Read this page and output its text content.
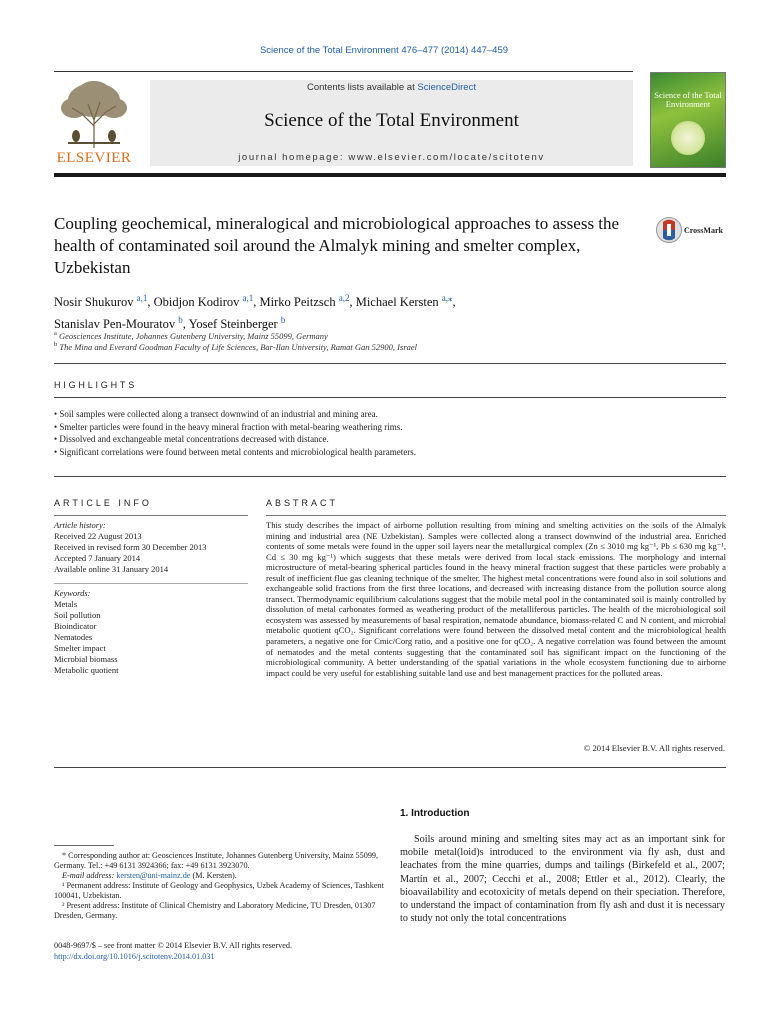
Science of the Total Environment 476–477 (2014) 447–459
ELSEVIER
Contents lists available at ScienceDirect
Science of the Total Environment
journal homepage: www.elsevier.com/locate/scitotenv
Science of the Total Environment
Coupling geochemical, mineralogical and microbiological approaches to assess the health of contaminated soil around the Almalyk mining and smelter complex, Uzbekistan
CrossMark
Nosir Shukurov $^{a,1}$, Obidjon Kodirov $^{a,1}$, Mirko Peitzsch $^{a,2}$, Michael Kersten $^{a,⁎}$,
Stanislav Pen-Mouratov $^b$, Yosef Steinberger $^b$
$^a$ Geosciences Institute, Johannes Gutenberg University, Mainz 55099, Germany
$^b$ The Mina and Everard Goodman Faculty of Life Sciences, Bar-Ilan University, Ramat Gan 52900, Israel
HIGHLIGHTS
• Soil samples were collected along a transect downwind of an industrial and mining area.
• Smelter particles were found in the heavy mineral fraction with metal-bearing weathering rims.
• Dissolved and exchangeable metal concentrations decreased with distance.
• Significant correlations were found between metal contents and microbiological health parameters.
ARTICLE INFO	ABSTRACT
Article history:
Received 22 August 2013
Received in revised form 30 December 2013
Accepted 7 January 2014
Available online 31 January 2014
Keywords:
Metals
Soil pollution
Bioindicator
Nematodes
Smelter impact
Microbial biomass
Metabolic quotient

This study describes the impact of airborne pollution resulting from mining and smelting activities on the soils of the Almalyk mining and industrial area (NE Uzbekistan). Samples were collected along a transect downwind of the industrial area. Enriched contents of some metals were found in the upper soil layers near the metallurgical complex (Zn ≤ 3010 mg kg⁻¹, Pb ≤ 630 mg kg⁻¹, Cd ≤ 30 mg kg⁻¹) which suggests that these metals were derived from local stack emissions. The morphology and internal microstructure of metal-bearing spherical particles found in the heavy mineral fraction suggest that these particles were probably a result of inefficient flue gas cleaning technique of the smelter. The highest metal concentrations were found also in soil solutions and exchangeable solid fractions from the first three locations, and decreased with increasing distance from the pollution source along transect. Thermodynamic equilibrium calculations suggest that the mobile metal pool in the contaminated soil is mainly controlled by dissolution of metal carbonates formed as weathering product of the metalliferous particles. The health of the microbiological soil ecosystem was assessed by measurements of basal respiration, nematode abundance, biomass-related C and N content, and microbial metabolic quotient qCO₂. Significant correlations were found between the dissolved metal content and the microbiological health parameters, a negative one for Cmic/Corg ratio, and a positive one for qCO₂. A negative correlation was found between the amount of nematodes and the metal contents suggesting that the contaminated soil has significant impact on the functioning of the microbiological community. A better understanding of the spatial variations in the whole ecosystem functioning due to airborne impact could be very useful for establishing suitable land use and best management practices for the polluted areas.

© 2014 Elsevier B.V. All rights reserved.

* Corresponding author at: Geosciences Institute, Johannes Gutenberg University, Mainz 55099, Germany. Tel.: +49 6131 3924366; fax: +49 6131 3923070.

E-mail address: kersten@uni-mainz.de (M. Kersten).

¹ Permanent address: Institute of Geology and Geophysics, Uzbek Academy of Sciences, Tashkent 100041, Uzbekistan.

² Present address: Institute of Clinical Chemistry and Laboratory Medicine, TU Dresden, 01307 Dresden, Germany.

0048-9697/$ – see front matter © 2014 Elsevier B.V. All rights reserved.
http://dx.doi.org/10.1016/j.scitotenv.2014.01.031
1. Introduction

Soils around mining and smelting sites may act as an important sink for mobile metal(loid)s introduced to the environment via fly ash, dust and leachates from the mine quarries, dumps and tailings (Birkefeld et al., 2007; Martín et al., 2007; Cecchi et al., 2008; Ettler et al., 2012). Clearly, the bioavailability and ecotoxicity of metals depend on their speciation. Therefore, to understand the impact of contamination from fly ash and dust it is necessary to study not only the total concentrations
